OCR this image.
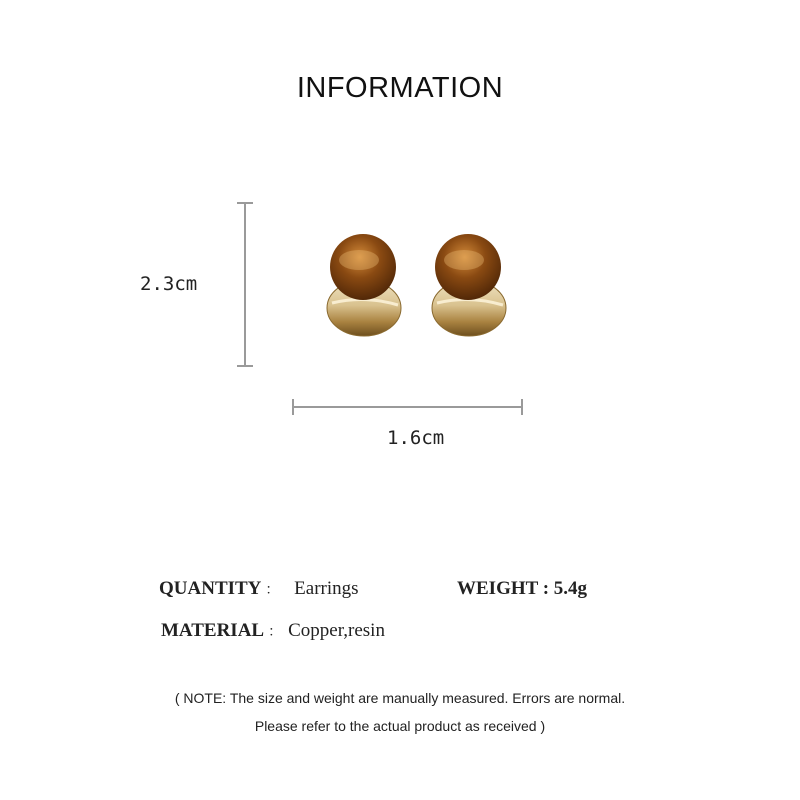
INFORMATION
2.3cm
1.6cm
QUANTITY ： Earrings	WEIGHT : 5.4g
MATERIAL ： Copper,resin
( NOTE: The size and weight are manually measured. Errors are normal.
Please refer to the actual product as received )
